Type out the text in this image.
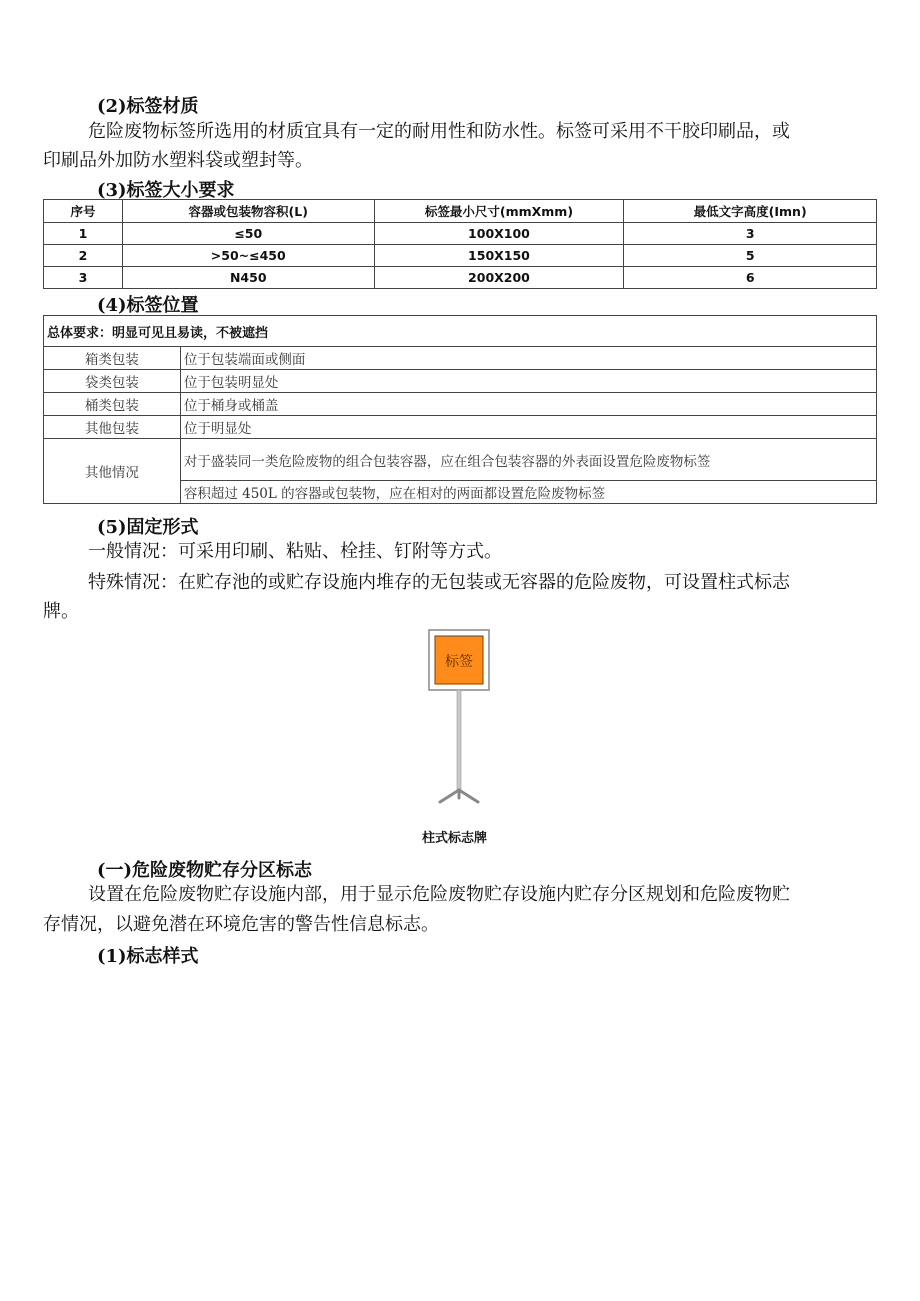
(2)标签材质
危险废物标签所选用的材质宜具有一定的耐用性和防水性。标签可采用不干胶印刷品，或
印刷品外加防水塑料袋或塑封等。
(3)标签大小要求
序号	容器或包装物容积(L)	标签最小尺寸(mmXmm)	最低文字高度(Imn)
1	≤50	100X100	3
2	>50~≤450	150X150	5
3	N450	200X200	6
(4)标签位置
总体要求：明显可见且易读，不被遮挡	
箱类包装	位于包装端面或侧面
袋类包装	位于包装明显处
桶类包装	位于桶身或桶盖
其他包装	位于明显处
其他情况	对于盛装同一类危险废物的组合包装容器，应在组合包装容器的外表面设置危险废物标签
	容积超过 450L 的容器或包装物，应在相对的两面都设置危险废物标签
(5)固定形式
一般情况：可采用印刷、粘贴、栓挂、钉附等方式。
特殊情况：在贮存池的或贮存设施内堆存的无包装或无容器的危险废物，可设置柱式标志
牌。
标签
柱式标志牌
(一)危险废物贮存分区标志
设置在危险废物贮存设施内部，用于显示危险废物贮存设施内贮存分区规划和危险废物贮
存情况，以避免潜在环境危害的警告性信息标志。
(1)标志样式
